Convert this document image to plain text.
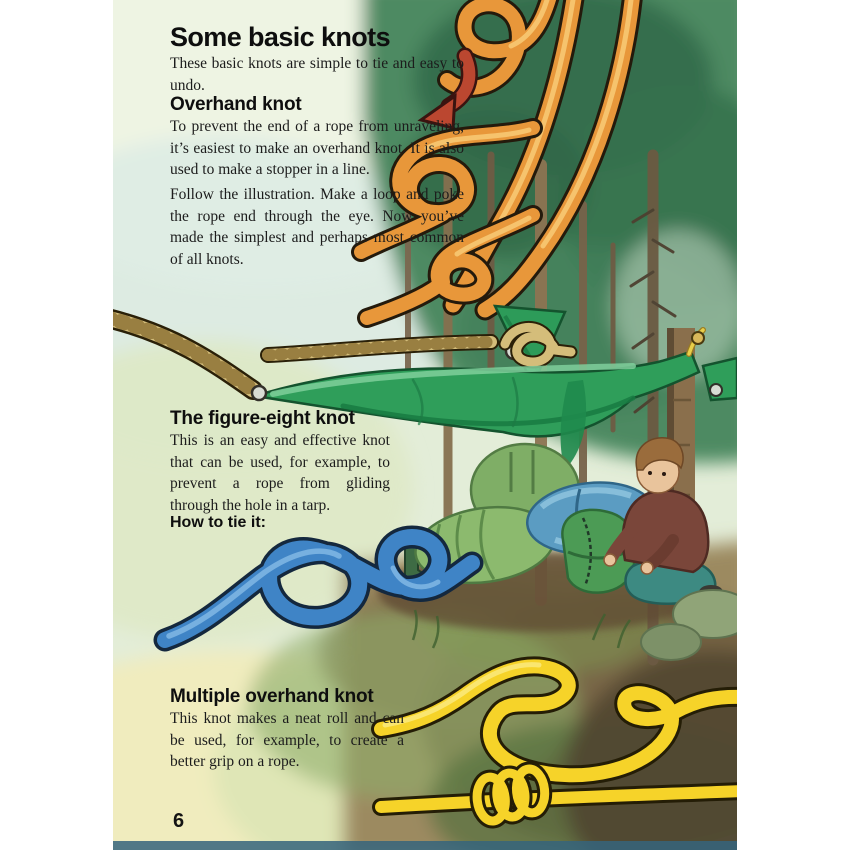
Some basic knots
These basic knots are simple to tie and easy to undo.
Overhand knot
To prevent the end of a rope from unraveling, it’s easiest to make an overhand knot. It is also used to make a stopper in a line.
Follow the illustration. Make a loop and poke the rope end through the eye. Now you’ve made the simplest and perhaps most common of all knots.
The figure-eight knot
This is an easy and effective knot that can be used, for example, to prevent a rope from gliding through the hole in a tarp.
How to tie it:
Multiple overhand knot
This knot makes a neat roll and can be used, for example, to create a better grip on a rope.
6
